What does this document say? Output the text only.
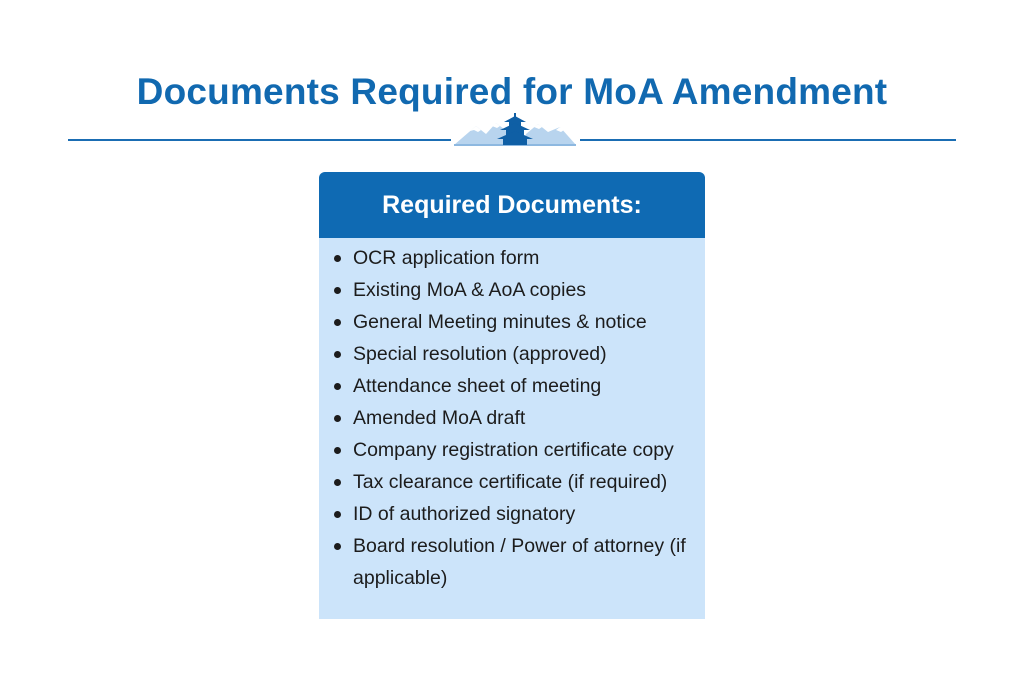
Documents Required for MoA Amendment
Required Documents:
OCR application form
Existing MoA & AoA copies
General Meeting minutes & notice
Special resolution (approved)
Attendance sheet of meeting
Amended MoA draft
Company registration certificate copy
Tax clearance certificate (if required)
ID of authorized signatory
Board resolution / Power of attorney (if applicable)
